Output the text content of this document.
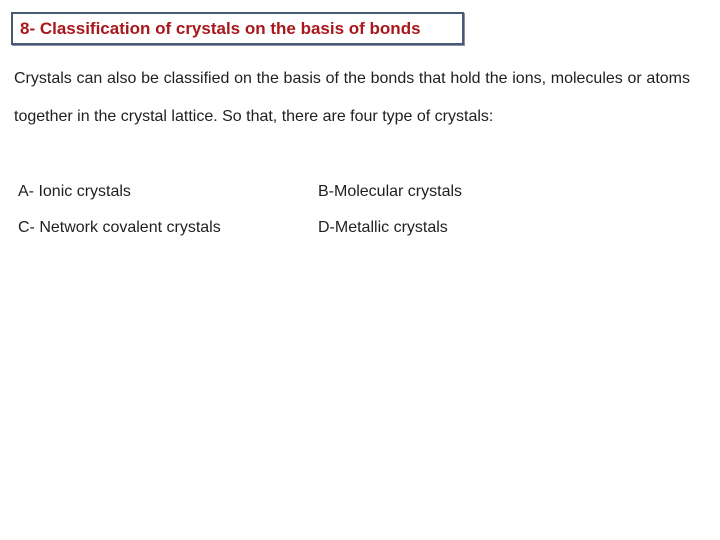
8- Classification of crystals on the basis of bonds

Crystals can also be classified on the basis of the bonds that hold the ions, molecules or atoms together in the crystal lattice. So that, there are four type of crystals:

A- Ionic crystals	B-Molecular crystals
C- Network covalent crystals	D-Metallic crystals
